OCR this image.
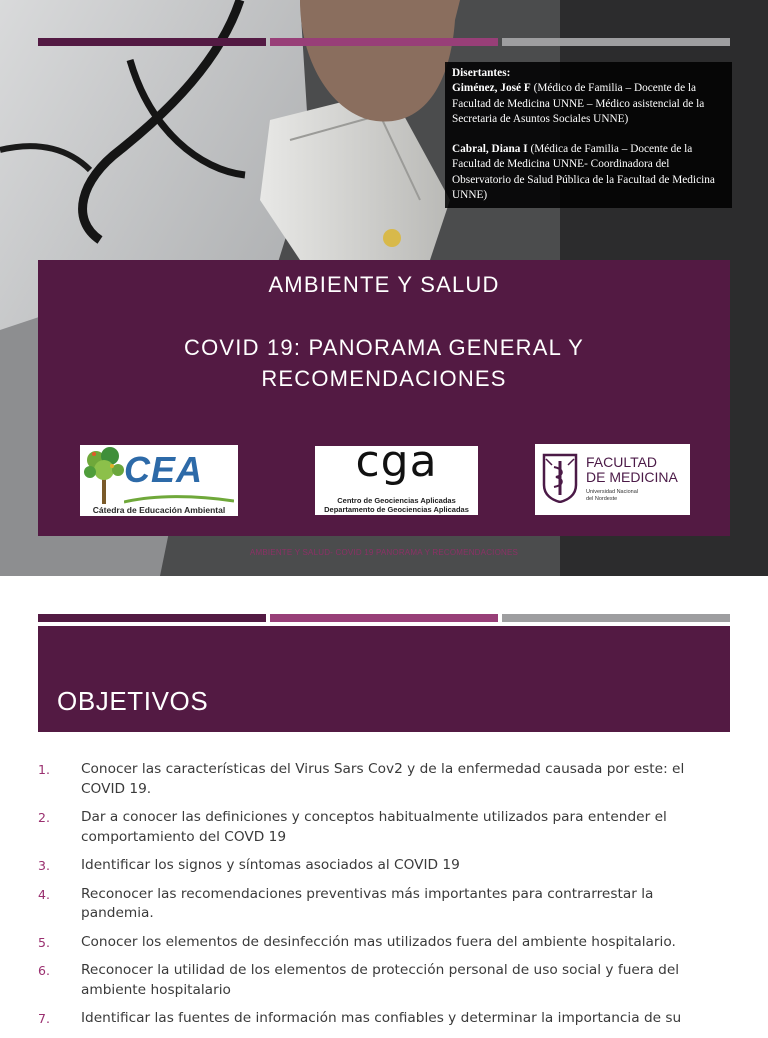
Disertantes:

Giménez, José F (Médico de Familia – Docente de la Facultad de Medicina UNNE – Médico asistencial de la Secretaria de Asuntos Sociales UNNE)

Cabral, Diana I (Médica de Familia – Docente de la Facultad de Medicina UNNE- Coordinadora del Observatorio de Salud Pública de la Facultad de Medicina UNNE)

AMBIENTE Y SALUD
COVID 19: PANORAMA GENERAL Y
RECOMENDACIONES
CEA
Cátedra de Educación Ambiental
cga
Centro de Geociencias Aplicadas
Departamento de Geociencias Aplicadas
FACULTAD
DE MEDICINA
Universidad Nacional
del Nordeste
AMBIENTE Y SALUD- COVID 19 PANORAMA Y RECOMENDACIONES
OBJETIVOS
1. Conocer las características del Virus Sars Cov2 y de la enfermedad causada por este: el COVID 19.
2. Dar a conocer las definiciones y conceptos habitualmente utilizados para entender el comportamiento del COVD 19
3. Identificar los signos y síntomas asociados al COVID 19
4. Reconocer las recomendaciones preventivas más importantes para contrarrestar la pandemia.
5. Conocer los elementos de desinfección mas utilizados fuera del ambiente hospitalario.
6. Reconocer la utilidad de los elementos de protección personal de uso social y fuera del ambiente hospitalario
7. Identificar las fuentes de información mas confiables y determinar la importancia de su
